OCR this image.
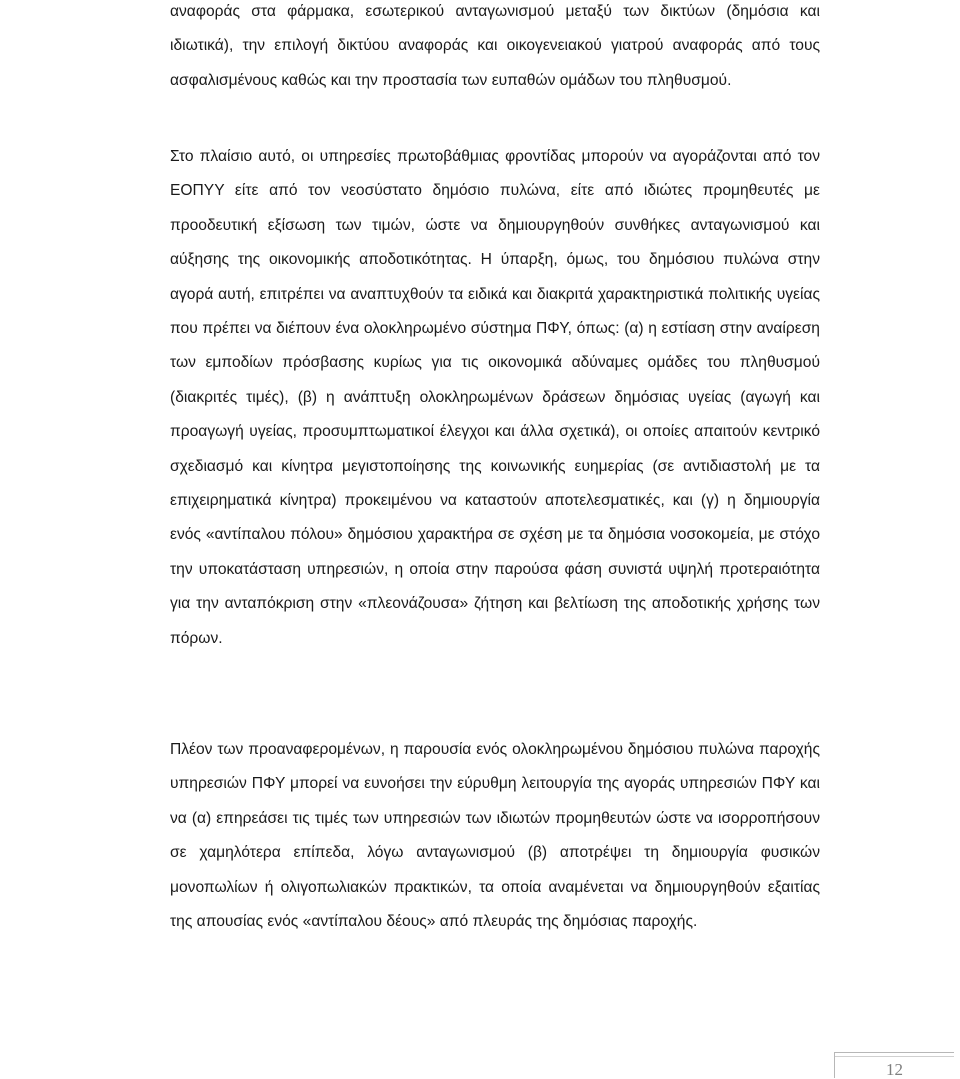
αναφοράς στα φάρμακα, εσωτερικού ανταγωνισμού μεταξύ των δικτύων (δημόσια και ιδιωτικά), την επιλογή δικτύου αναφοράς και οικογενειακού γιατρού αναφοράς από τους ασφαλισμένους καθώς και την προστασία των ευπαθών ομάδων του πληθυσμού.

Στο πλαίσιο αυτό, οι υπηρεσίες πρωτοβάθμιας φροντίδας μπορούν να αγοράζονται από τον ΕΟΠΥΥ είτε από τον νεοσύστατο δημόσιο πυλώνα, είτε από ιδιώτες προμηθευτές με προοδευτική εξίσωση των τιμών, ώστε να δημιουργηθούν συνθήκες ανταγωνισμού και αύξησης της οικονομικής αποδοτικότητας. Η ύπαρξη, όμως, του δημόσιου πυλώνα στην αγορά αυτή, επιτρέπει να αναπτυχθούν τα ειδικά και διακριτά χαρακτηριστικά πολιτικής υγείας που πρέπει να διέπουν ένα ολοκληρωμένο σύστημα ΠΦΥ, όπως: (α) η εστίαση στην αναίρεση των εμποδίων πρόσβασης κυρίως για τις οικονομικά αδύναμες ομάδες του πληθυσμού (διακριτές τιμές), (β) η ανάπτυξη ολοκληρωμένων δράσεων δημόσιας υγείας (αγωγή και προαγωγή υγείας, προσυμπτωματικοί έλεγχοι και άλλα σχετικά), οι οποίες απαιτούν κεντρικό σχεδιασμό και κίνητρα μεγιστοποίησης της κοινωνικής ευημερίας (σε αντιδιαστολή με τα επιχειρηματικά κίνητρα) προκειμένου να καταστούν αποτελεσματικές, και (γ) η δημιουργία ενός «αντίπαλου πόλου» δημόσιου χαρακτήρα σε σχέση με τα δημόσια νοσοκομεία, με στόχο την υποκατάσταση υπηρεσιών, η οποία στην παρούσα φάση συνιστά υψηλή προτεραιότητα για την ανταπόκριση στην «πλεονάζουσα» ζήτηση και βελτίωση της αποδοτικής χρήσης των πόρων.

Πλέον των προαναφερομένων, η παρουσία ενός ολοκληρωμένου δημόσιου πυλώνα παροχής υπηρεσιών ΠΦΥ μπορεί να ευνοήσει την εύρυθμη λειτουργία της αγοράς υπηρεσιών ΠΦΥ και να (α) επηρεάσει τις τιμές των υπηρεσιών των ιδιωτών προμηθευτών ώστε να ισορροπήσουν σε χαμηλότερα επίπεδα, λόγω ανταγωνισμού (β) αποτρέψει τη δημιουργία φυσικών μονοπωλίων ή ολιγοπωλιακών πρακτικών, τα οποία αναμένεται να δημιουργηθούν εξαιτίας της απουσίας ενός «αντίπαλου δέους» από πλευράς της δημόσιας παροχής.

12
